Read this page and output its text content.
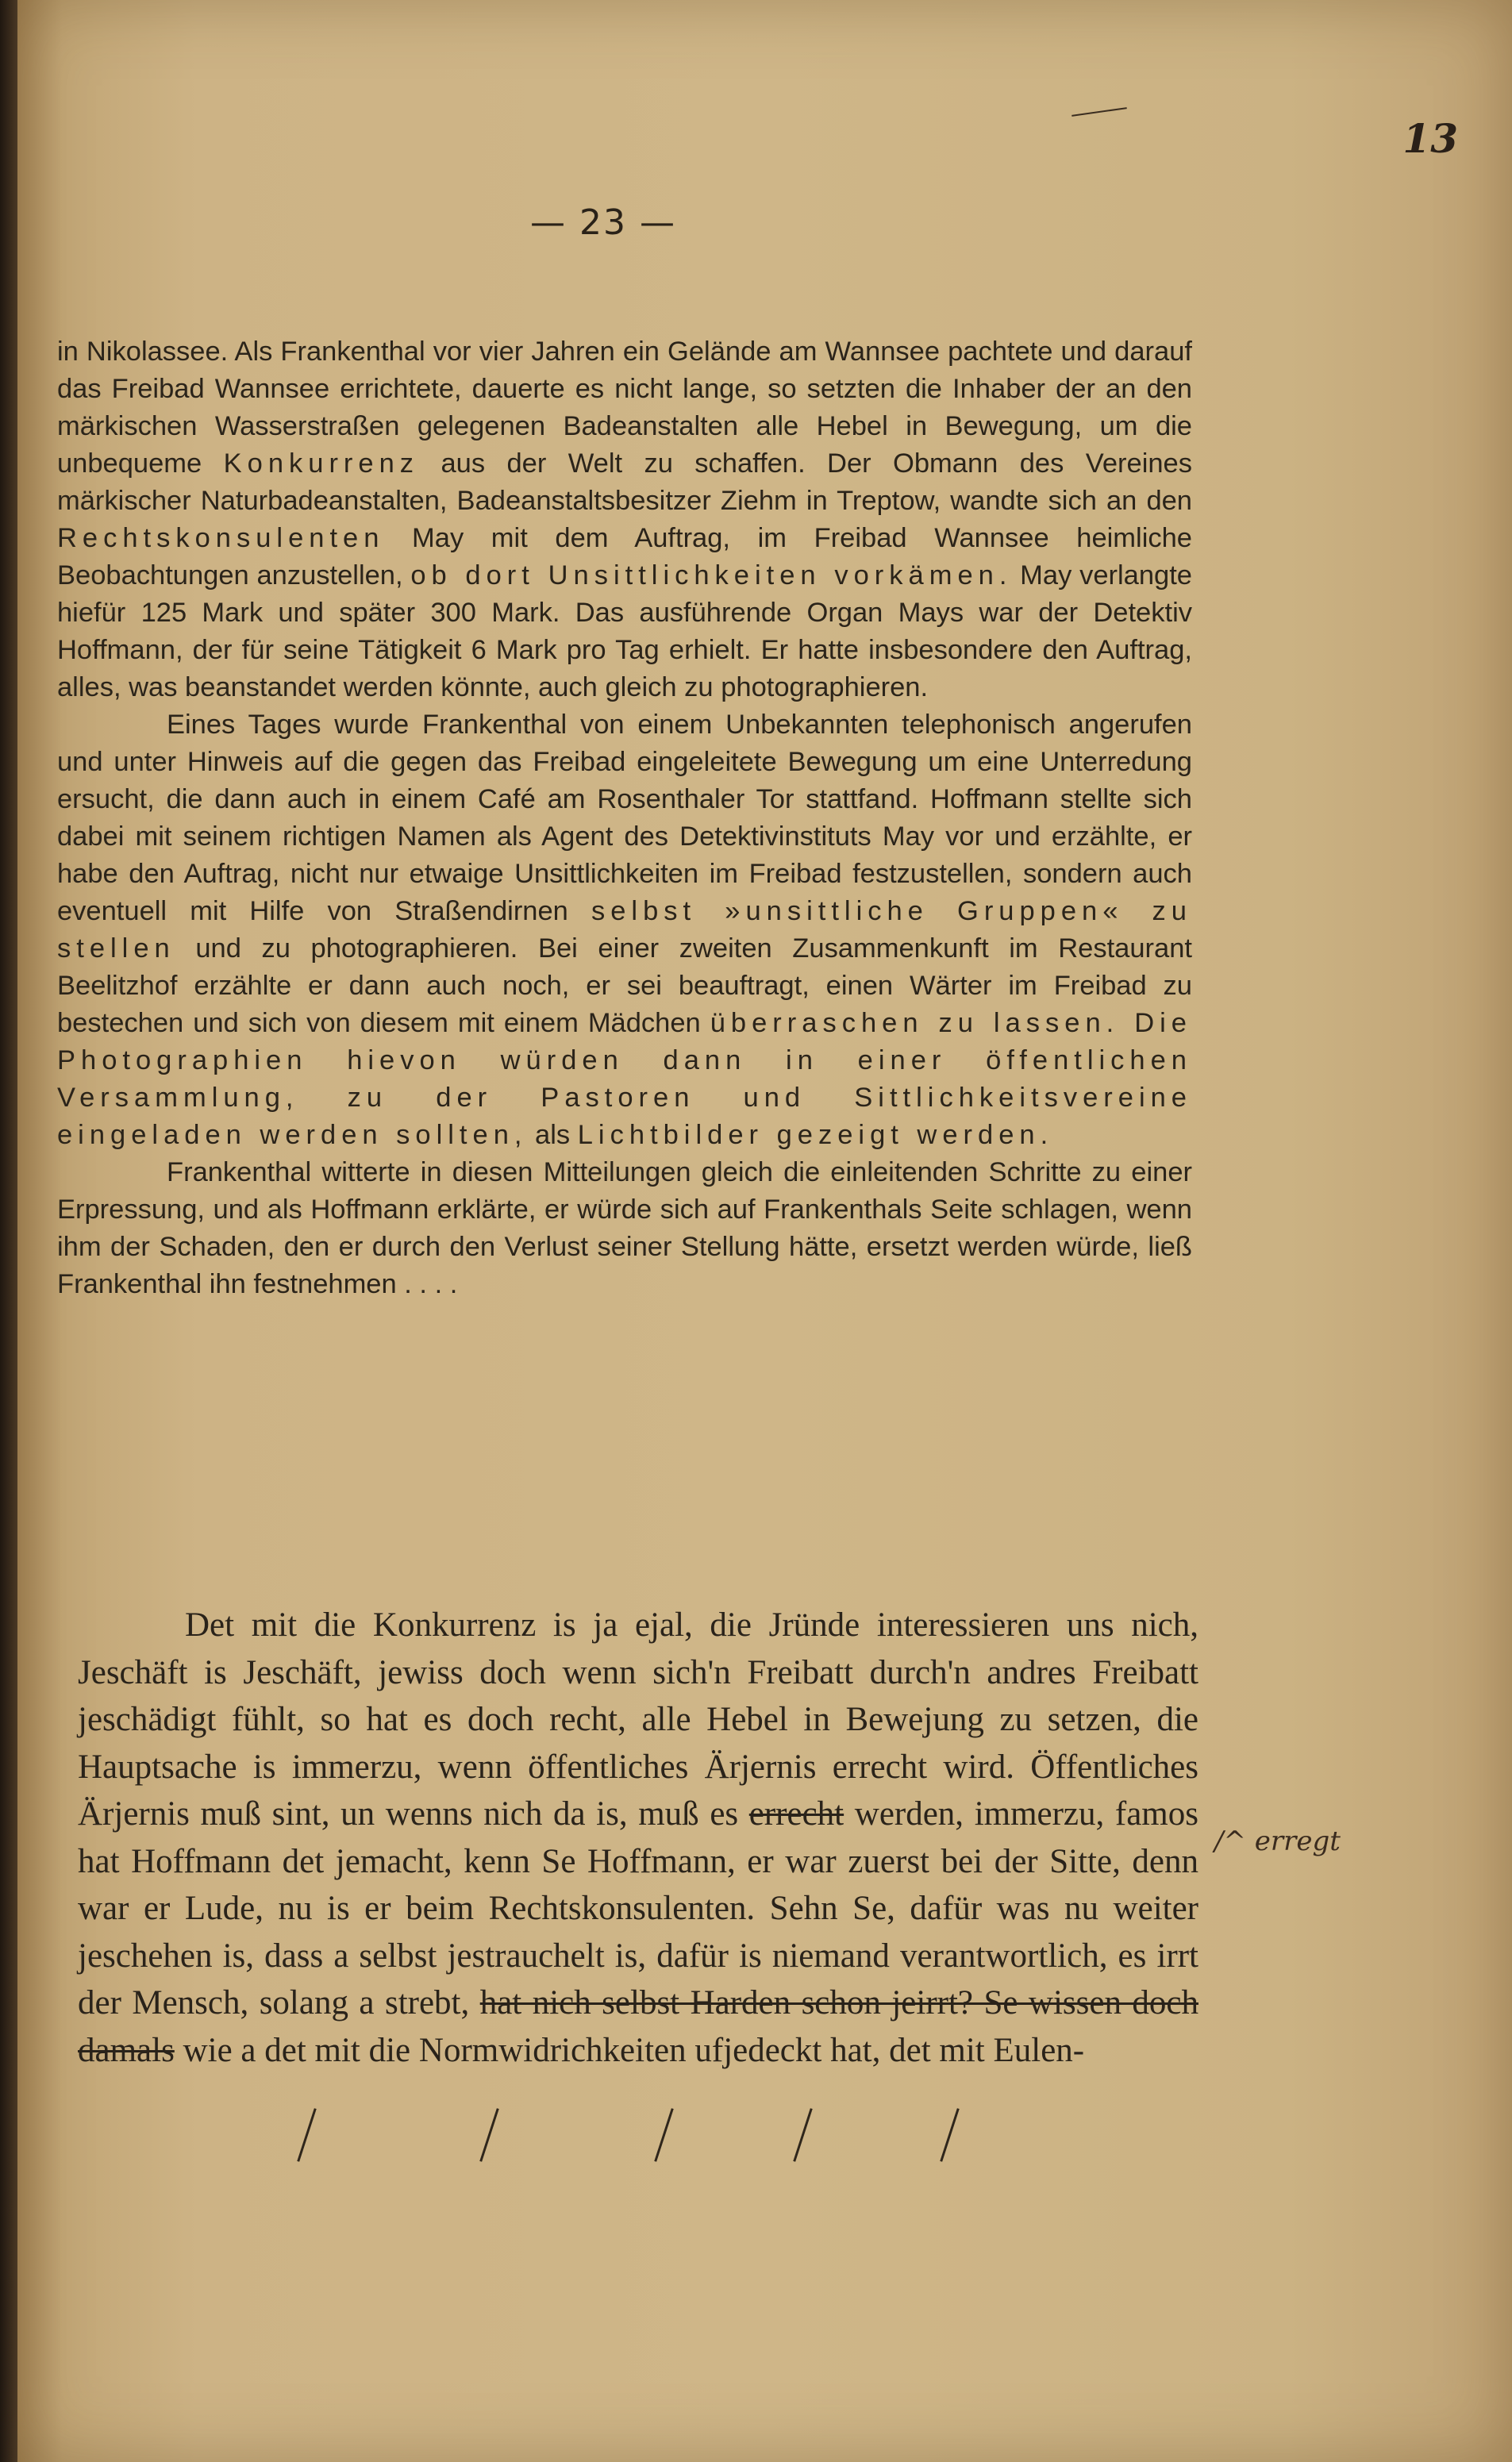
13
— 23 —

in Nikolassee. Als Frankenthal vor vier Jahren ein Gelände am Wannsee pachtete und darauf das Freibad Wannsee errichtete, dauerte es nicht lange, so setzten die Inhaber der an den märkischen Wasserstraßen gelegenen Badeanstalten alle Hebel in Bewegung, um die unbequeme Konkurrenz aus der Welt zu schaffen. Der Obmann des Vereines märkischer Naturbadeanstalten, Badeanstaltsbesitzer Ziehm in Treptow, wandte sich an den Rechtskonsulenten May mit dem Auftrag, im Freibad Wannsee heimliche Beobachtungen anzustellen, ob dort Unsittlichkeiten vorkämen. May verlangte hiefür 125 Mark und später 300 Mark. Das ausführende Organ Mays war der Detektiv Hoffmann, der für seine Tätigkeit 6 Mark pro Tag erhielt. Er hatte insbesondere den Auftrag, alles, was beanstandet werden könnte, auch gleich zu photographieren.

Eines Tages wurde Frankenthal von einem Unbekannten telephonisch angerufen und unter Hinweis auf die gegen das Freibad eingeleitete Bewegung um eine Unterredung ersucht, die dann auch in einem Café am Rosenthaler Tor stattfand. Hoffmann stellte sich dabei mit seinem richtigen Namen als Agent des Detektivinstituts May vor und erzählte, er habe den Auftrag, nicht nur etwaige Unsittlichkeiten im Freibad festzustellen, sondern auch eventuell mit Hilfe von Straßendirnen selbst »unsittliche Gruppen« zu stellen und zu photographieren. Bei einer zweiten Zusammenkunft im Restaurant Beelitzhof erzählte er dann auch noch, er sei beauftragt, einen Wärter im Freibad zu bestechen und sich von diesem mit einem Mädchen überraschen zu lassen. Die Photographien hievon würden dann in einer öffentlichen Versammlung, zu der Pastoren und Sittlichkeitsvereine eingeladen werden sollten, als Lichtbilder gezeigt werden.

Frankenthal witterte in diesen Mitteilungen gleich die einleitenden Schritte zu einer Erpressung, und als Hoffmann erklärte, er würde sich auf Frankenthals Seite schlagen, wenn ihm der Schaden, den er durch den Verlust seiner Stellung hätte, ersetzt werden würde, ließ Frankenthal ihn festnehmen . . . .

Det mit die Konkurrenz is ja ejal, die Jründe interessieren uns nich, Jeschäft is Jeschäft, jewiss doch wenn sich'n Freibatt durch'n andres Freibatt jeschädigt fühlt, so hat es doch recht, alle Hebel in Bewejung zu setzen, die Hauptsache is immerzu, wenn öffentliches Ärjernis errecht wird. Öffentliches Ärjernis muß sint, un wenns nich da is, muß es errecht werden, immerzu, famos hat Hoffmann det jemacht, kenn Se Hoffmann, er war zuerst bei der Sitte, denn war er Lude, nu is er beim Rechtskonsulenten. Sehn Se, dafür was nu weiter jeschehen is, dass a selbst jestrauchelt is, dafür is niemand verantwortlich, es irrt der Mensch, solang a strebt, hat nich selbst Harden schon jeirrt? Se wissen doch damals wie a det mit die Normwidrichkeiten ufjedeckt hat, det mit Eulen-

/^ erregt
